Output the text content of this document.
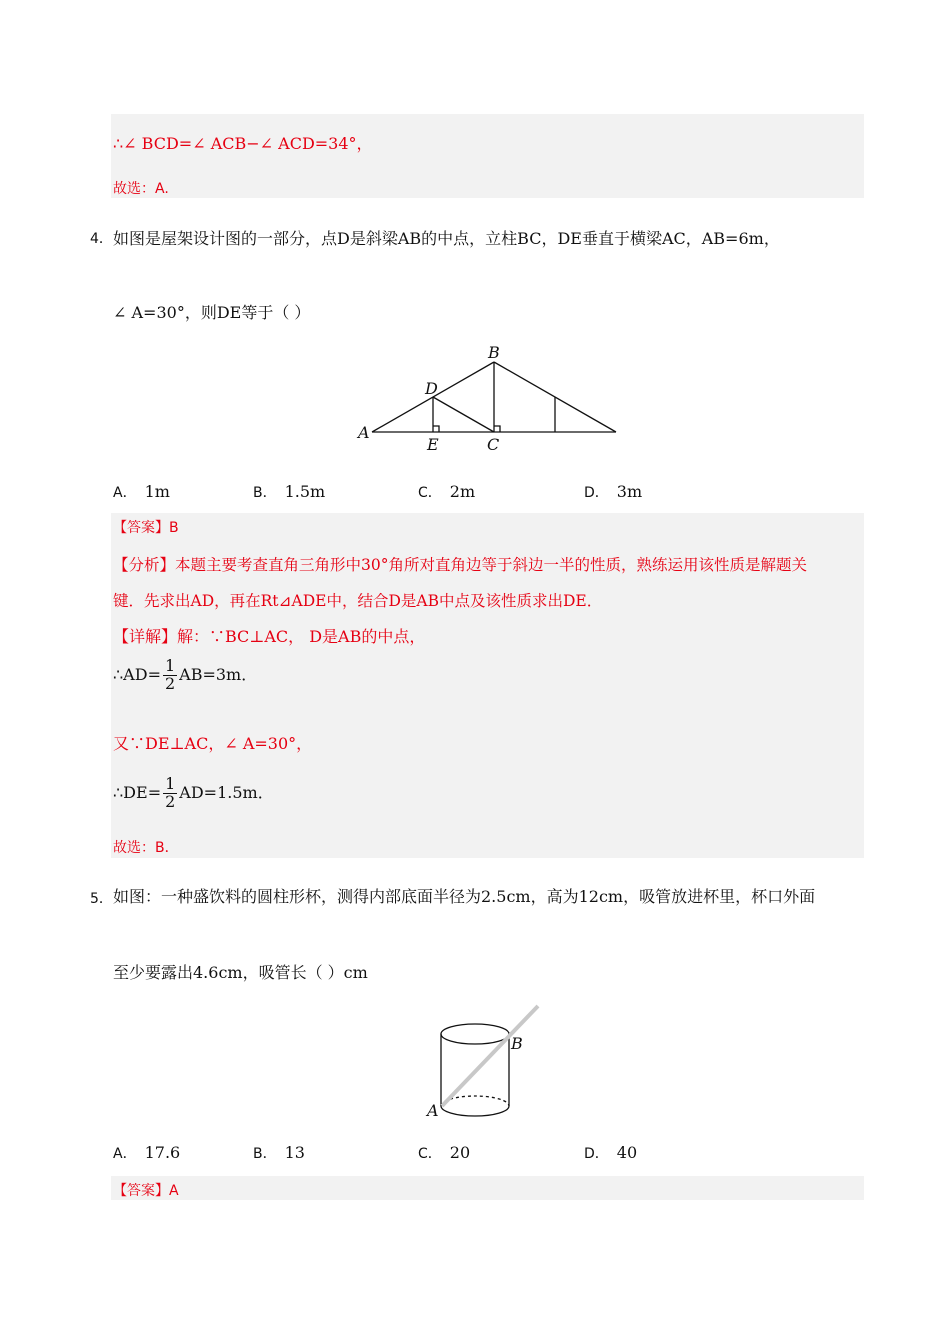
∴∠ BCD=∠ ACB−∠ ACD=34°，
故选：A.
4． 如图是屋架设计图的一部分，点D是斜梁AB的中点，立柱BC，DE垂直于横梁AC，AB=6m，
∠ A=30°，则DE等于（ ）
A
B
C
D
E
A． 1m	B． 1.5m	C． 2m	D． 3m
【答案】B
【分析】本题主要考查直角三角形中30°角所对直角边等于斜边一半的性质，熟练运用该性质是解题关
键．先求出AD，再在Rt⊿ADE中，结合D是AB中点及该性质求出DE．
【详解】解：∵BC⊥AC， D是AB的中点，
∴AD= $\frac{1}{2} AB=3m$．
又∵DE⊥AC，∠ A=30°，
∴DE= $\frac{1}{2} AD=1.5m$．
故选：B．
5． 如图：一种盛饮料的圆柱形杯，测得内部底面半径为2.5cm，高为12cm，吸管放进杯里，杯口外面
至少要露出4.6cm，吸管长（ ）cm
A
B
A． 17.6	B． 13	C． 20	D． 40
【答案】A
